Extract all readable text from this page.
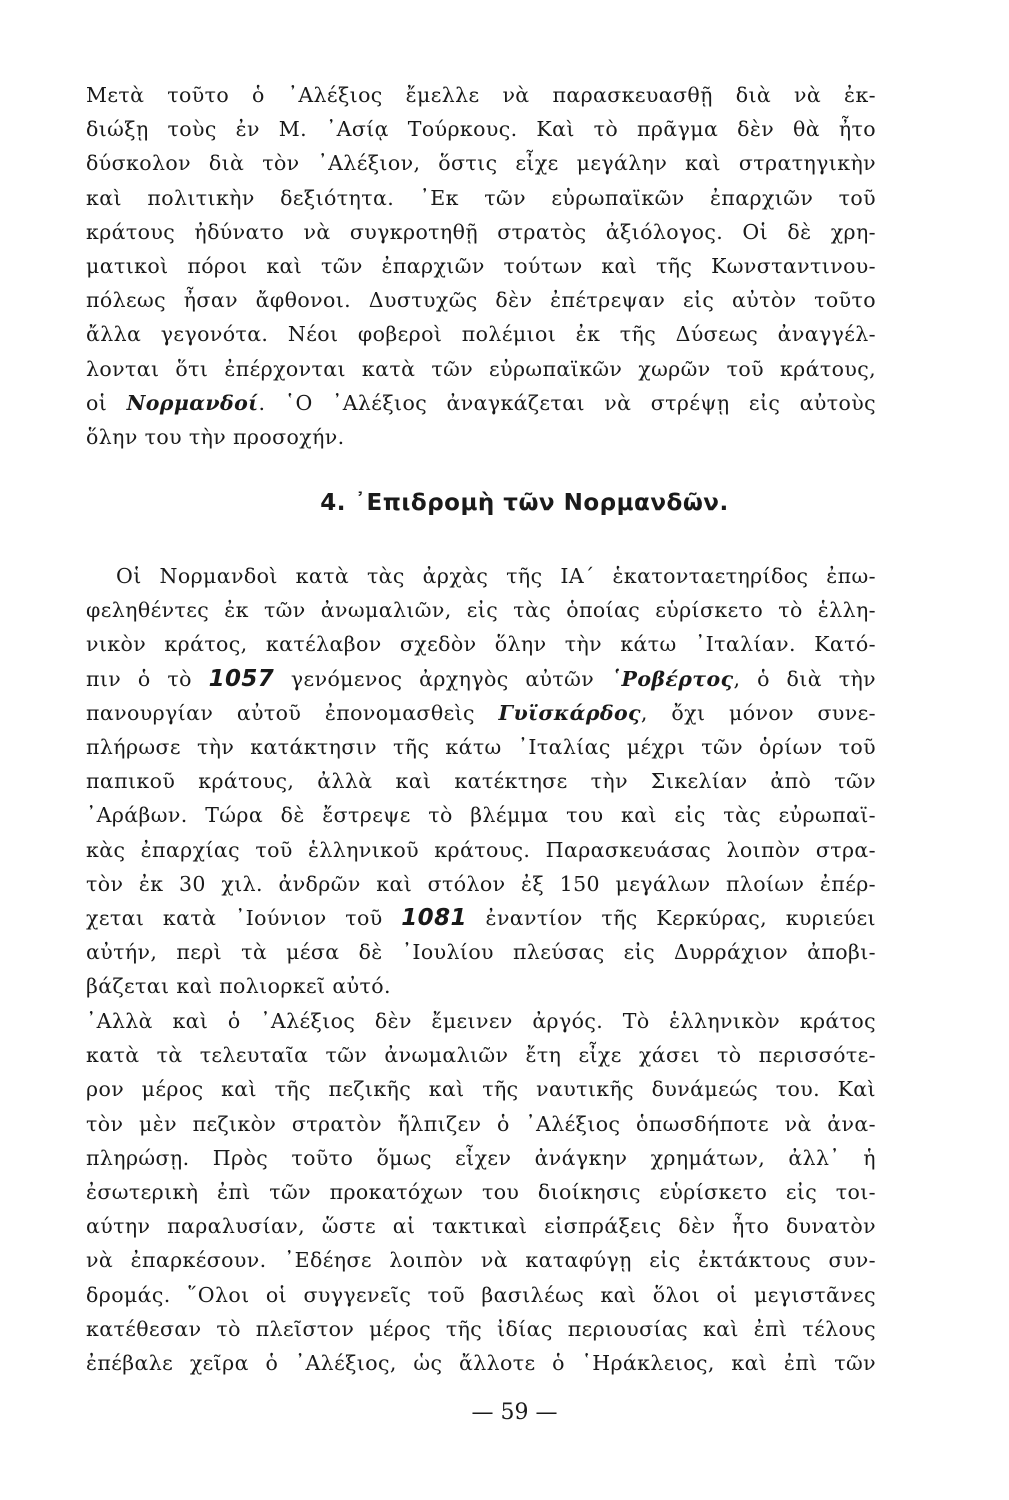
Μετὰ τοῦτο ὁ ᾿Αλέξιος ἔμελλε νὰ παρασκευασθῇ διὰ νὰ ἐκ-
διώξῃ τοὺς ἐν Μ. ᾿Ασίᾳ Τούρκους. Καὶ τὸ πρᾶγμα δὲν θὰ ἦτο
δύσκολον διὰ τὸν ᾿Αλέξιον, ὅστις εἶχε μεγάλην καὶ στρατηγικὴν
καὶ πολιτικὴν δεξιότητα. ᾿Εκ τῶν εὐρωπαϊκῶν ἐπαρχιῶν τοῦ
κράτους ἠδύνατο νὰ συγκροτηθῇ στρατὸς ἀξιόλογος. Οἱ δὲ χρη-
ματικοὶ πόροι καὶ τῶν ἐπαρχιῶν τούτων καὶ τῆς Κωνσταντινου-
πόλεως ἦσαν ἄφθονοι. Δυστυχῶς δὲν ἐπέτρεψαν εἰς αὐτὸν τοῦτο
ἄλλα γεγονότα. Νέοι φοβεροὶ πολέμιοι ἐκ τῆς Δύσεως ἀναγγέλ-
λονται ὅτι ἐπέρχονται κατὰ τῶν εὐρωπαϊκῶν χωρῶν τοῦ κράτους,
οἱ Νορμανδοί. ῾Ο ᾿Αλέξιος ἀναγκάζεται νὰ στρέψῃ εἰς αὐτοὺς
ὅλην του τὴν προσοχήν.
4. ᾿Επιδρομὴ τῶν Νορμανδῶν.
Οἱ Νορμανδοὶ κατὰ τὰς ἀρχὰς τῆς ΙΑ΄ ἑκατονταετηρίδος ἐπω-
φεληθέντες ἐκ τῶν ἀνωμαλιῶν, εἰς τὰς ὁποίας εὑρίσκετο τὸ ἑλλη-
νικὸν κράτος, κατέλαβον σχεδὸν ὅλην τὴν κάτω ᾿Ιταλίαν. Κατό-
πιν ὁ τὸ 1057 γενόμενος ἀρχηγὸς αὐτῶν ῾Ροβέρτος, ὁ διὰ τὴν
πανουργίαν αὐτοῦ ἐπονομασθεὶς Γυϊσκάρδος, ὄχι μόνον συνε-
πλήρωσε τὴν κατάκτησιν τῆς κάτω ᾿Ιταλίας μέχρι τῶν ὁρίων τοῦ
παπικοῦ κράτους, ἀλλὰ καὶ κατέκτησε τὴν Σικελίαν ἀπὸ τῶν
᾿Αράβων. Τώρα δὲ ἔστρεψε τὸ βλέμμα του καὶ εἰς τὰς εὐρωπαϊ-
κὰς ἐπαρχίας τοῦ ἑλληνικοῦ κράτους. Παρασκευάσας λοιπὸν στρα-
τὸν ἐκ 30 χιλ. ἀνδρῶν καὶ στόλον ἐξ 150 μεγάλων πλοίων ἐπέρ-
χεται κατὰ ᾿Ιούνιον τοῦ 1081 ἐναντίον τῆς Κερκύρας, κυριεύει
αὐτήν, περὶ τὰ μέσα δὲ ᾿Ιουλίου πλεύσας εἰς Δυρράχιον ἀποβι-
βάζεται καὶ πολιορκεῖ αὐτό.
᾿Αλλὰ καὶ ὁ ᾿Αλέξιος δὲν ἔμεινεν ἀργός. Τὸ ἑλληνικὸν κράτος
κατὰ τὰ τελευταῖα τῶν ἀνωμαλιῶν ἔτη εἶχε χάσει τὸ περισσότε-
ρον μέρος καὶ τῆς πεζικῆς καὶ τῆς ναυτικῆς δυνάμεώς του. Καὶ
τὸν μὲν πεζικὸν στρατὸν ἤλπιζεν ὁ ᾿Αλέξιος ὁπωσδήποτε νὰ ἀνα-
πληρώσῃ. Πρὸς τοῦτο ὅμως εἶχεν ἀνάγκην χρημάτων, ἀλλ᾿ ἡ
ἐσωτερικὴ ἐπὶ τῶν προκατόχων του διοίκησις εὑρίσκετο εἰς τοι-
αύτην παραλυσίαν, ὥστε αἱ τακτικαὶ εἰσπράξεις δὲν ἦτο δυνατὸν
νὰ ἐπαρκέσουν. ᾿Εδέησε λοιπὸν νὰ καταφύγῃ εἰς ἐκτάκτους συν-
δρομάς. ῞Ολοι οἱ συγγενεῖς τοῦ βασιλέως καὶ ὅλοι οἱ μεγιστᾶνες
κατέθεσαν τὸ πλεῖστον μέρος τῆς ἰδίας περιουσίας καὶ ἐπὶ τέλους
ἐπέβαλε χεῖρα ὁ ᾿Αλέξιος, ὡς ἄλλοτε ὁ ῾Ηράκλειος, καὶ ἐπὶ τῶν
— 59 —
